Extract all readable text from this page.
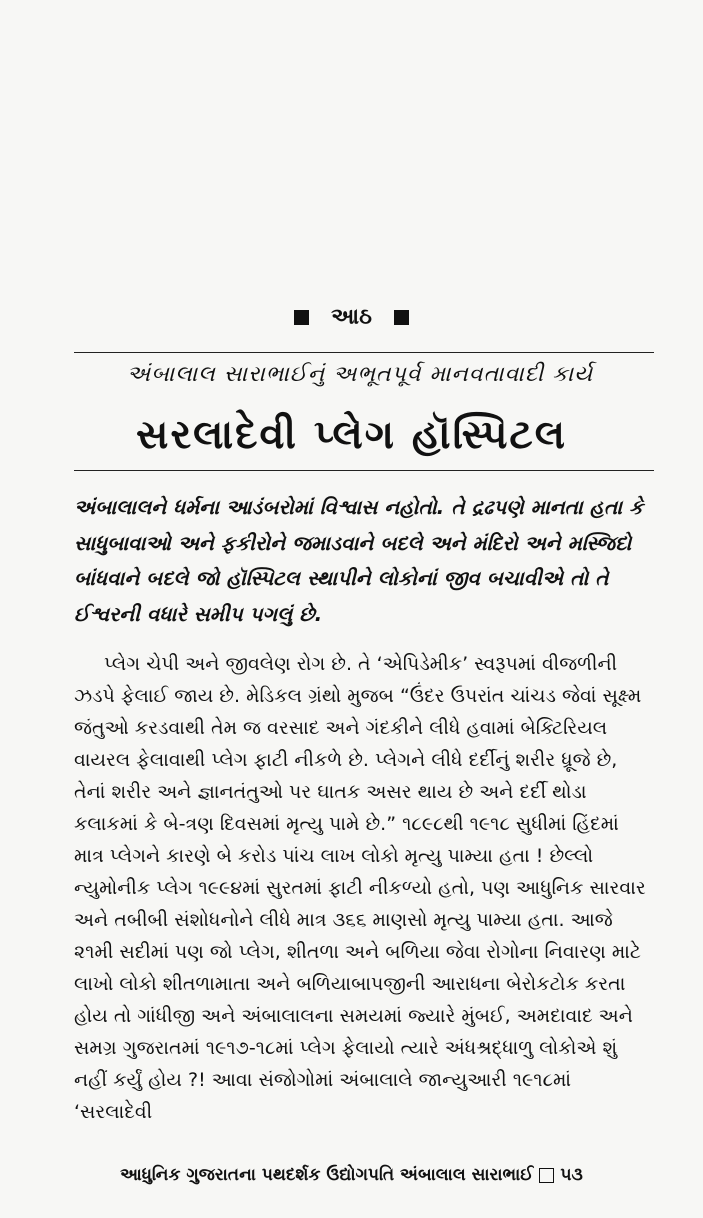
આઠ
અંબાલાલ સારાભાઈનું અભૂતપૂર્વ માનવતાવાદી કાર્ય
સરલાદેવી પ્લેગ હૉસ્પિટલ

અંબાલાલને ધર્મના આડંબરોમાં વિશ્વાસ નહોતો. તે દ્રઢપણે માનતા હતા કે સાધુબાવાઓ અને ફકીરોને જમાડવાને બદલે અને મંદિરો અને મસ્જિદો બાંધવાને બદલે જો હૉસ્પિટલ સ્થાપીને લોકોનાં જીવ બચાવીએ તો તે ઈશ્વરની વધારે સમીપ પગલું છે.

પ્લેગ ચેપી અને જીવલેણ રોગ છે. તે ‘એપિડેમીક’ સ્વરૂપમાં વીજળીની ઝડપે ફેલાઈ જાય છે. મેડિકલ ગ્રંથો મુજબ “ઉંદર ઉપરાંત ચાંચડ જેવાં સૂક્ષ્મ જંતુઓ કરડવાથી તેમ જ વરસાદ અને ગંદકીને લીધે હવામાં બેક્ટિરિયલ વાયરલ ફેલાવાથી પ્લેગ ફાટી નીકળે છે. પ્લેગને લીધે દર્દીનું શરીર ધ્રૂજે છે, તેનાં શરીર અને જ્ઞાનતંતુઓ પર ઘાતક અસર થાય છે અને દર્દી થોડા કલાકમાં કે બે-ત્રણ દિવસમાં મૃત્યુ પામે છે.” ૧૮૯૮થી ૧૯૧૮ સુધીમાં હિંદમાં માત્ર પ્લેગને કારણે બે કરોડ પાંચ લાખ લોકો મૃત્યુ પામ્યા હતા ! છેલ્લો ન્યુમોનીક પ્લેગ ૧૯૯૪માં સુરતમાં ફાટી નીકળ્યો હતો, પણ આધુનિક સારવાર અને તબીબી સંશોધનોને લીધે માત્ર ૩૬૬ માણસો મૃત્યુ પામ્યા હતા. આજે ૨૧મી સદીમાં પણ જો પ્લેગ, શીતળા અને બળિયા જેવા રોગોના નિવારણ માટે લાખો લોકો શીતળામાતા અને બળિયાબાપજીની આરાધના બેરોકટોક કરતા હોય તો ગાંધીજી અને અંબાલાલના સમયમાં જ્યારે મુંબઈ, અમદાવાદ અને સમગ્ર ગુજરાતમાં ૧૯૧૭-૧૮માં પ્લેગ ફેલાયો ત્યારે અંધશ્રદ્ધાળુ લોકોએ શું નહીં કર્યું હોય ?! આવા સંજોગોમાં અંબાલાલે જાન્યુઆરી ૧૯૧૮માં ‘સરલાદેવી

આધુનિક ગુજરાતના પથદર્શક ઉદ્યોગપતિ અંબાલાલ સારાભાઈ ૫૩
